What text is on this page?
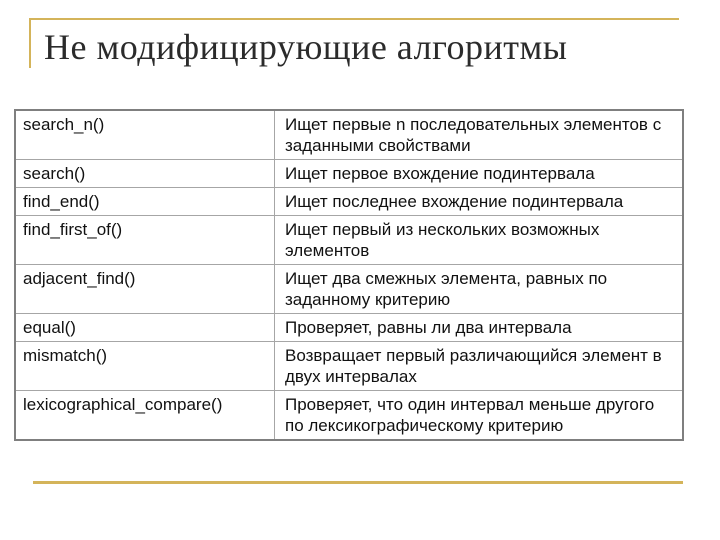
Не модифицирующие алгоритмы
search_n()	Ищет первые n последовательных элементов с заданными свойствами
search()	Ищет первое вхождение подинтервала
find_end()	Ищет последнее вхождение подинтервала
find_first_of()	Ищет первый из нескольких возможных элементов
adjacent_find()	Ищет два смежных элемента, равных по заданному критерию
equal()	Проверяет, равны ли два интервала
mismatch()	Возвращает первый различающийся элемент в двух интервалах
lexicographical_compare()	Проверяет, что один интервал меньше другого по лексикографическому критерию
